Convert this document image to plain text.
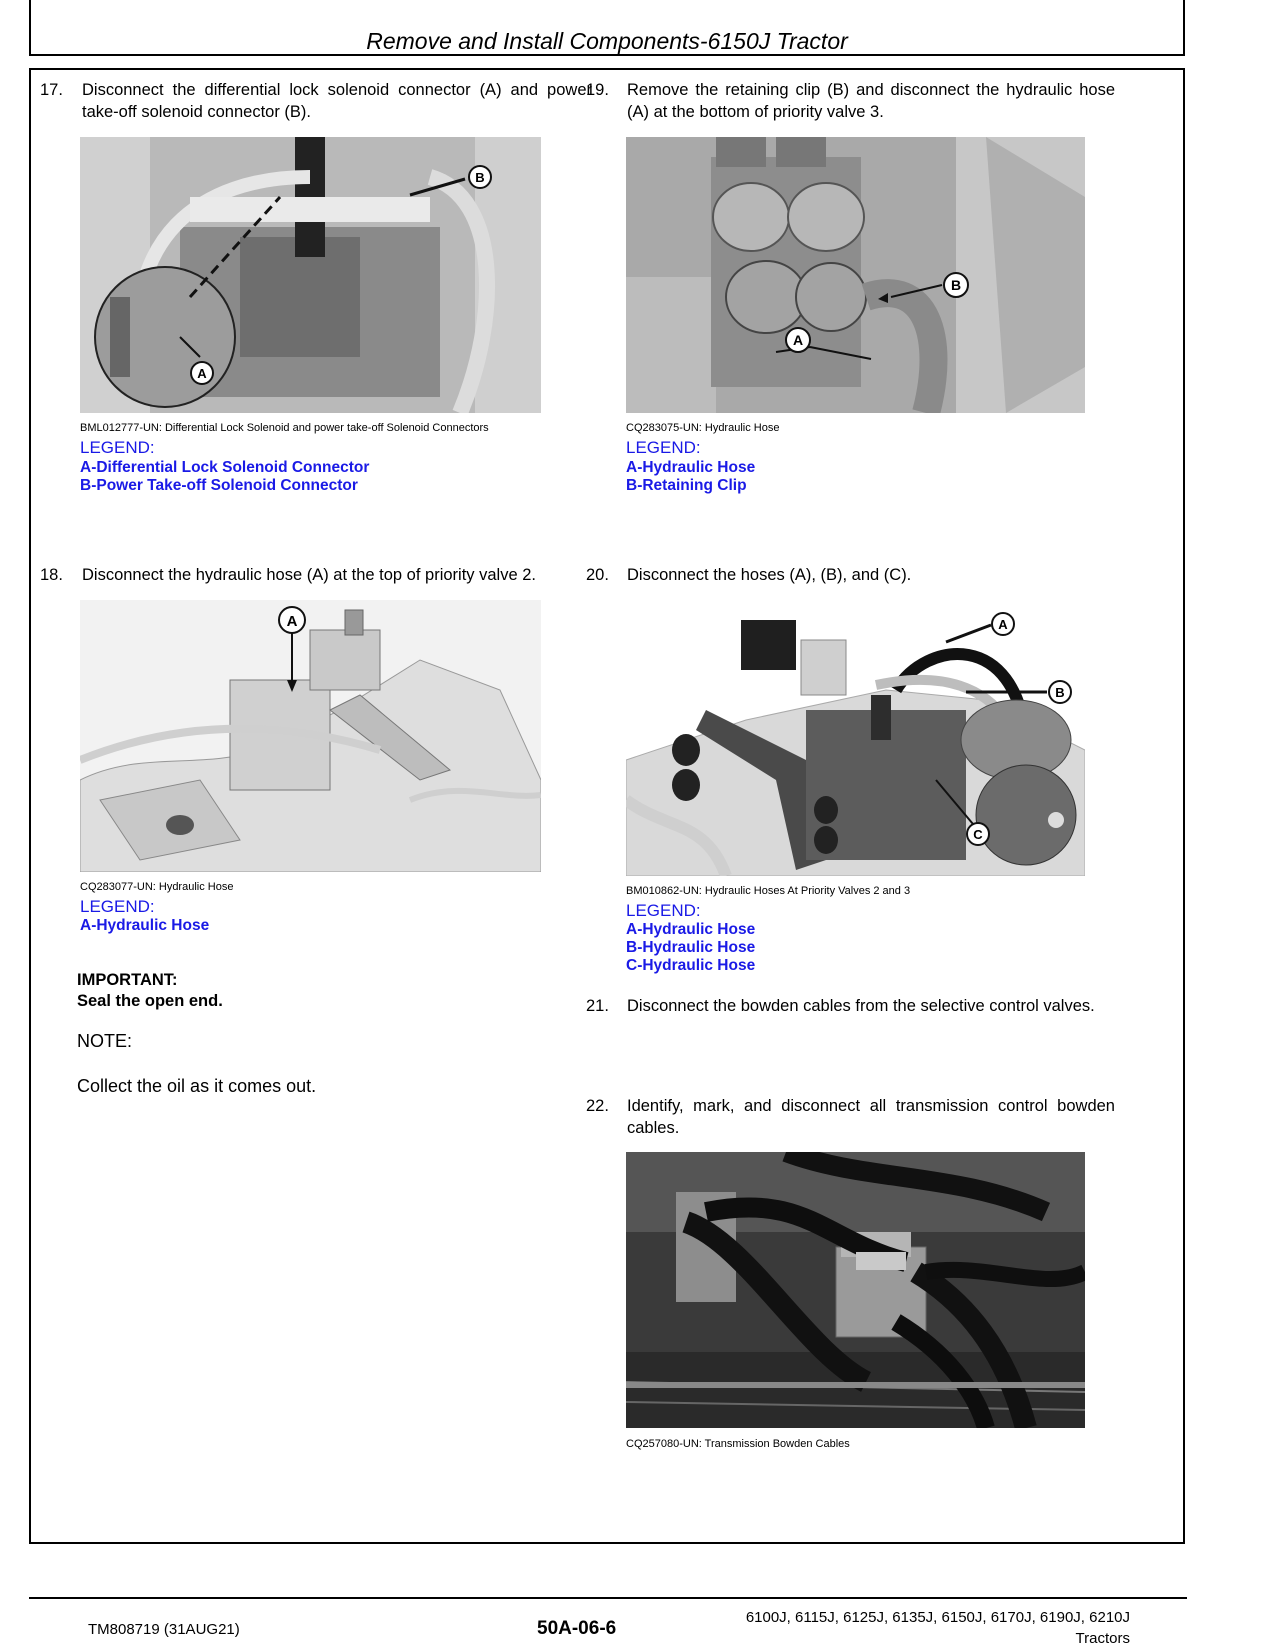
Remove and Install Components-6150J Tractor
17. Disconnect the differential lock solenoid connector (A) and power take-off solenoid connector (B).
B
A
BML012777-UN: Differential Lock Solenoid and power take-off Solenoid Connectors
LEGEND:
A-Differential Lock Solenoid Connector
B-Power Take-off Solenoid Connector
18. Disconnect the hydraulic hose (A) at the top of priority valve 2.
A
CQ283077-UN: Hydraulic Hose
LEGEND:
A-Hydraulic Hose
IMPORTANT:
Seal the open end.
NOTE:
Collect the oil as it comes out.
19. Remove the retaining clip (B) and disconnect the hydraulic hose (A) at the bottom of priority valve 3.
B
A
CQ283075-UN: Hydraulic Hose
LEGEND:
A-Hydraulic Hose
B-Retaining Clip
20. Disconnect the hoses (A), (B), and (C).
A
B
C
BM010862-UN: Hydraulic Hoses At Priority Valves 2 and 3
LEGEND:
A-Hydraulic Hose
B-Hydraulic Hose
C-Hydraulic Hose
21. Disconnect the bowden cables from the selective control valves.
22. Identify, mark, and disconnect all transmission control bowden cables.
CQ257080-UN: Transmission Bowden Cables
TM808719 (31AUG21)	50A-06-6
6100J, 6115J, 6125J, 6135J, 6150J, 6170J, 6190J, 6210J
Tractors
